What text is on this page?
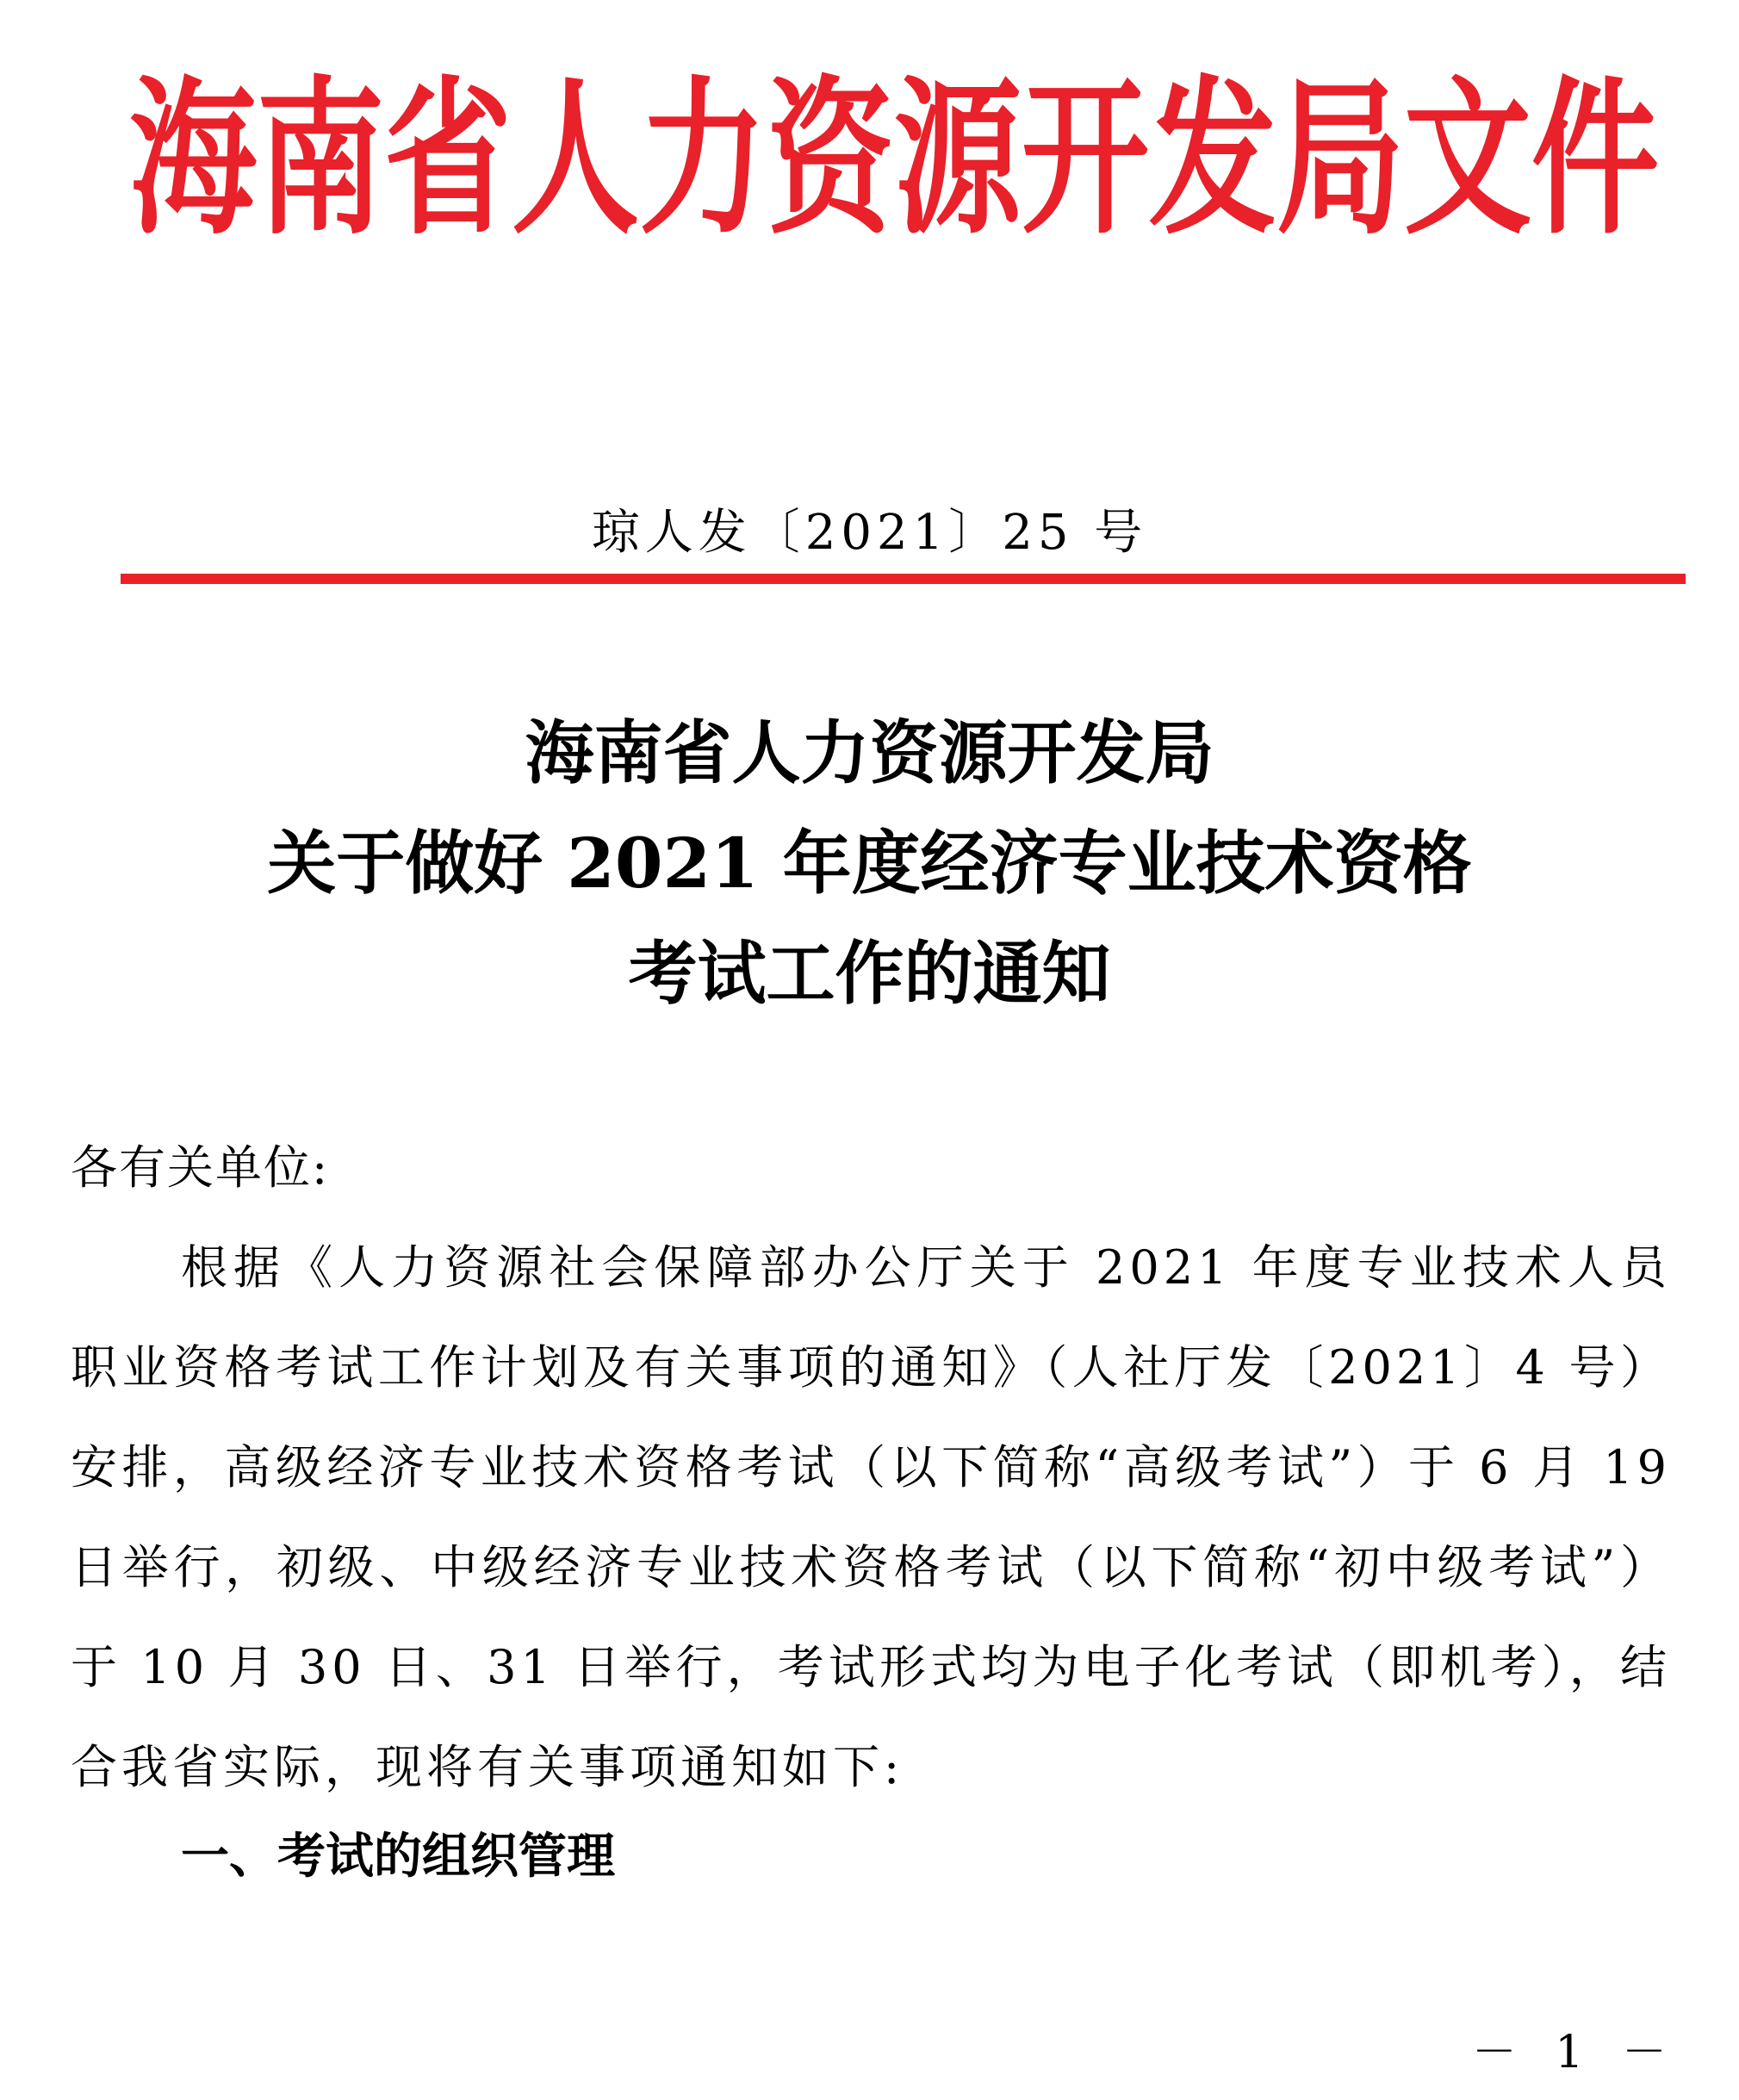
海 南 省 人 力 资 源 开 发 局 文 件
琼人发〔2021〕25 号
海南省人力资源开发局
关于做好 2021 年度经济专业技术资格
考试工作的通知
各有关单位:
根据《人力资源社会保障部办公厅关于 2021 年度专业技术人员职业资格考试工作计划及有关事项的通知》（人社厅发〔2021〕4 号）安排，高级经济专业技术资格考试（以下简称“高级考试”）于 6 月 19 日举行，初级、中级经济专业技术资格考试（以下简称“初中级考试”）于 10 月 30 日、31 日举行，考试形式均为电子化考试（即机考），结合我省实际，现将有关事项通知如下:
一、考试的组织管理
－ 1 －
